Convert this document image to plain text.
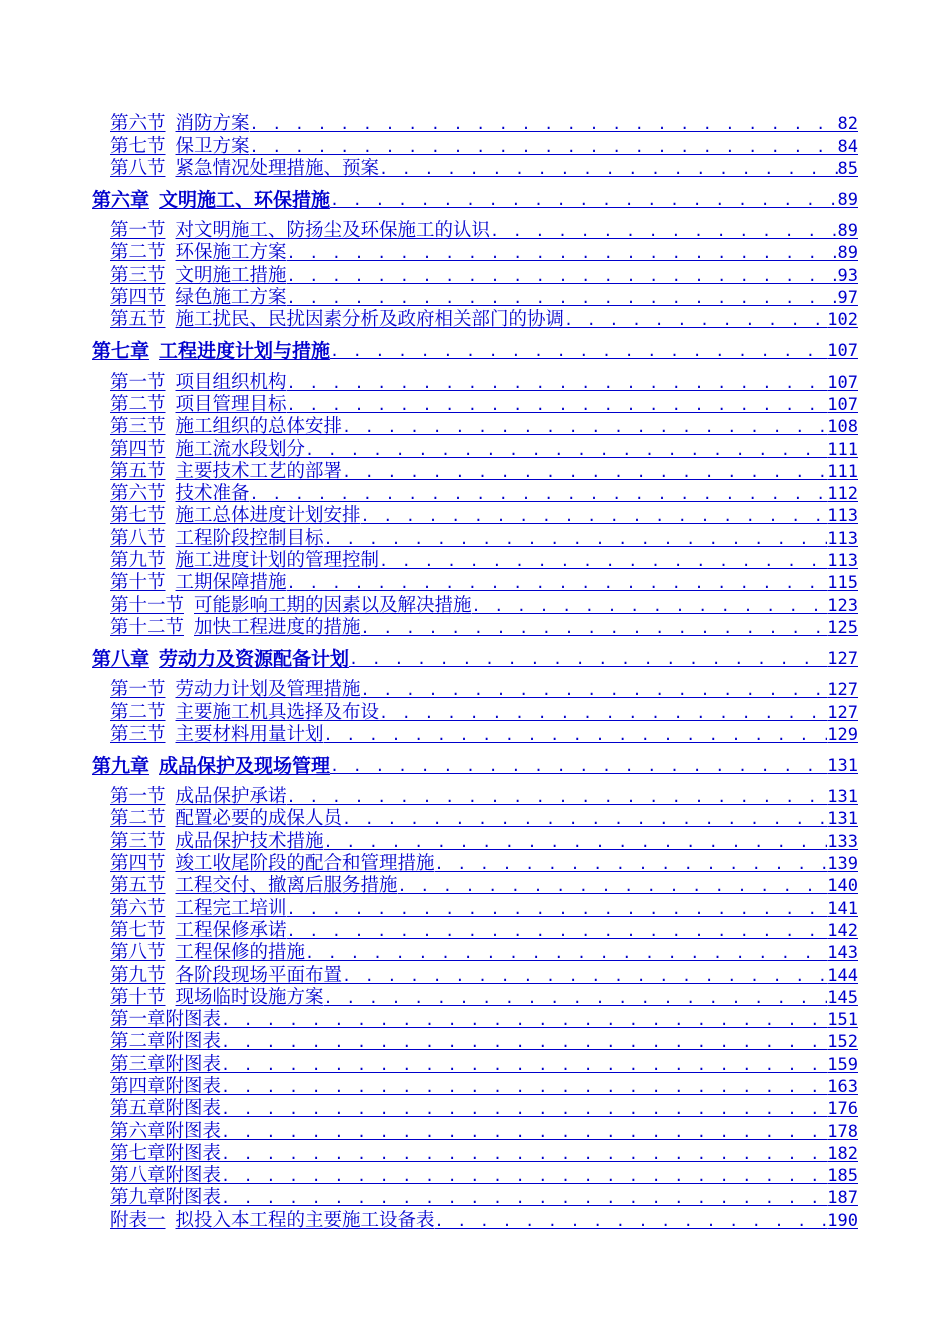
第六节 消防方案 . . .	82
第七节 保卫方案 . . .	84
第八节 紧急情况处理措施、预案 . . .	85
第六章 文明施工、环保措施 . . .	89
第一节 对文明施工、防扬尘及环保施工的认识 . . .	89
第二节 环保施工方案 . . .	89
第三节 文明施工措施 . . .	93
第四节 绿色施工方案 . . .	97
第五节 施工扰民、民扰因素分析及政府相关部门的协调 . . .	102
第七章 工程进度计划与措施 . . .	107
第一节 项目组织机构 . . .	107
第二节 项目管理目标 . . .	107
第三节 施工组织的总体安排 . . .	108
第四节 施工流水段划分 . . .	111
第五节 主要技术工艺的部署 . . .	111
第六节 技术准备 . . .	112
第七节 施工总体进度计划安排 . . .	113
第八节 工程阶段控制目标 . . .	113
第九节 施工进度计划的管理控制 . . .	113
第十节 工期保障措施 . . .	115
第十一节 可能影响工期的因素以及解决措施 . . .	123
第十二节 加快工程进度的措施 . . .	125
第八章 劳动力及资源配备计划 . . .	127
第一节 劳动力计划及管理措施 . . .	127
第二节 主要施工机具选择及布设 . . .	127
第三节 主要材料用量计划 . . .	129
第九章 成品保护及现场管理 . . .	131
第一节 成品保护承诺 . . .	131
第二节 配置必要的成保人员 . . .	131
第三节 成品保护技术措施 . . .	133
第四节 竣工收尾阶段的配合和管理措施 . . .	139
第五节 工程交付、撤离后服务措施 . . .	140
第六节 工程完工培训 . . .	141
第七节 工程保修承诺 . . .	142
第八节 工程保修的措施 . . .	143
第九节 各阶段现场平面布置 . . .	144
第十节 现场临时设施方案 . . .	145
第一章附图表 . . .	151
第二章附图表 . . .	152
第三章附图表 . . .	159
第四章附图表 . . .	163
第五章附图表 . . .	176
第六章附图表 . . .	178
第七章附图表 . . .	182
第八章附图表 . . .	185
第九章附图表 . . .	187
附表一 拟投入本工程的主要施工设备表 . . .	190
